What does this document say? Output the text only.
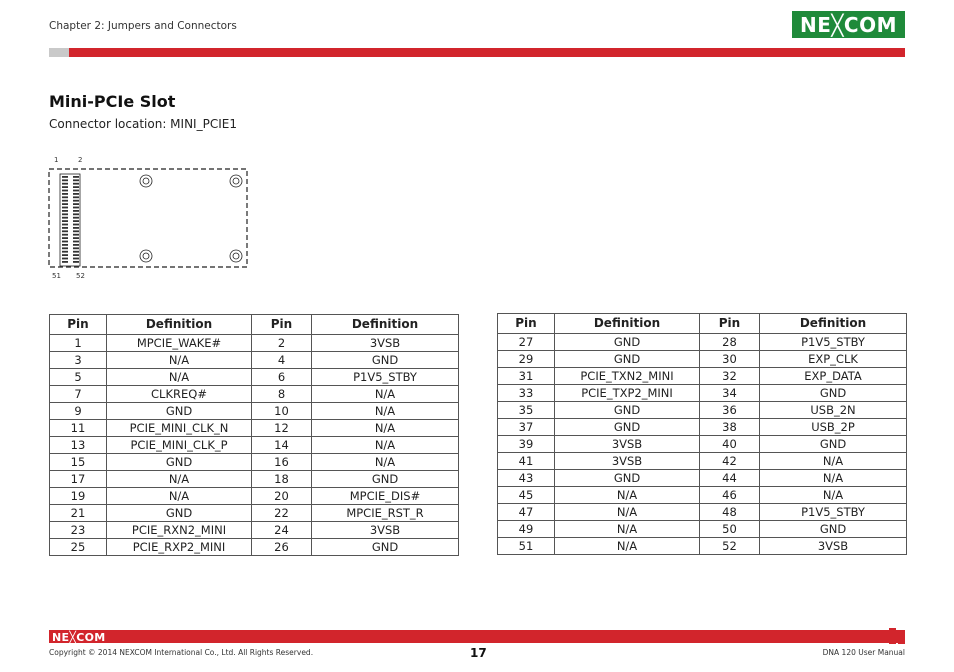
Chapter 2: Jumpers and Connectors	NE╳COM
Mini-PCIe Slot
Connector location: MINI_PCIE1
1	2
51 52
Pin	Definition	Pin	Definition
1	MPCIE_WAKE#	2	3VSB
3	N/A	4	GND
5	N/A	6	P1V5_STBY
7	CLKREQ#	8	N/A
9	GND	10	N/A
11	PCIE_MINI_CLK_N	12	N/A
13	PCIE_MINI_CLK_P	14	N/A
15	GND	16	N/A
17	N/A	18	GND
19	N/A	20	MPCIE_DIS#
21	GND	22	MPCIE_RST_R
23	PCIE_RXN2_MINI	24	3VSB
25	PCIE_RXP2_MINI	26	GND
Pin	Definition	Pin	Definition
27	GND	28	P1V5_STBY
29	GND	30	EXP_CLK
31	PCIE_TXN2_MINI	32	EXP_DATA
33	PCIE_TXP2_MINI	34	GND
35	GND	36	USB_2N
37	GND	38	USB_2P
39	3VSB	40	GND
41	3VSB	42	N/A
43	GND	44	N/A
45	N/A	46	N/A
47	N/A	48	P1V5_STBY
49	N/A	50	GND
51	N/A	52	3VSB
NE╳COM
Copyright © 2014 NEXCOM International Co., Ltd. All Rights Reserved.	17	DNA 120 User Manual
